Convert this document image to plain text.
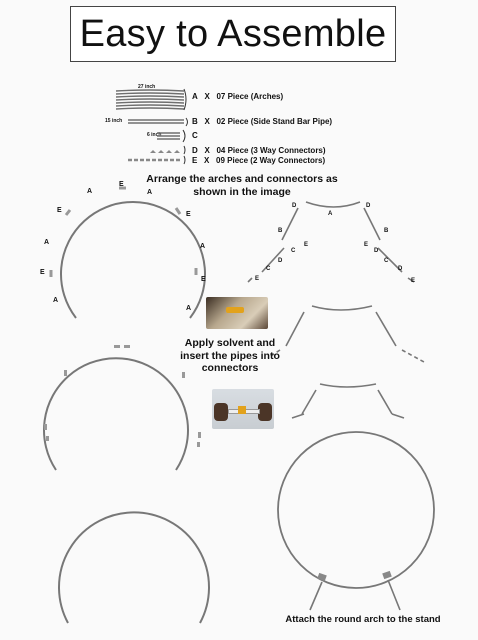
Easy to Assemble
27 inch
15 inch
6 inch
E
A	A
E
E
A
A
E
E
A
A
D
A
D
B	B
E	E
C	D
D	C
C	D
E	E
A X 07 Piece (Arches)
B X 02 Piece (Side Stand Bar Pipe)
C
D X 04 Piece (3 Way Connectors)
E X 09 Piece (2 Way Connectors)
Arrange the arches and connectors as shown in the image
Apply solvent and insert the pipes into connectors
Attach the round arch to the stand
